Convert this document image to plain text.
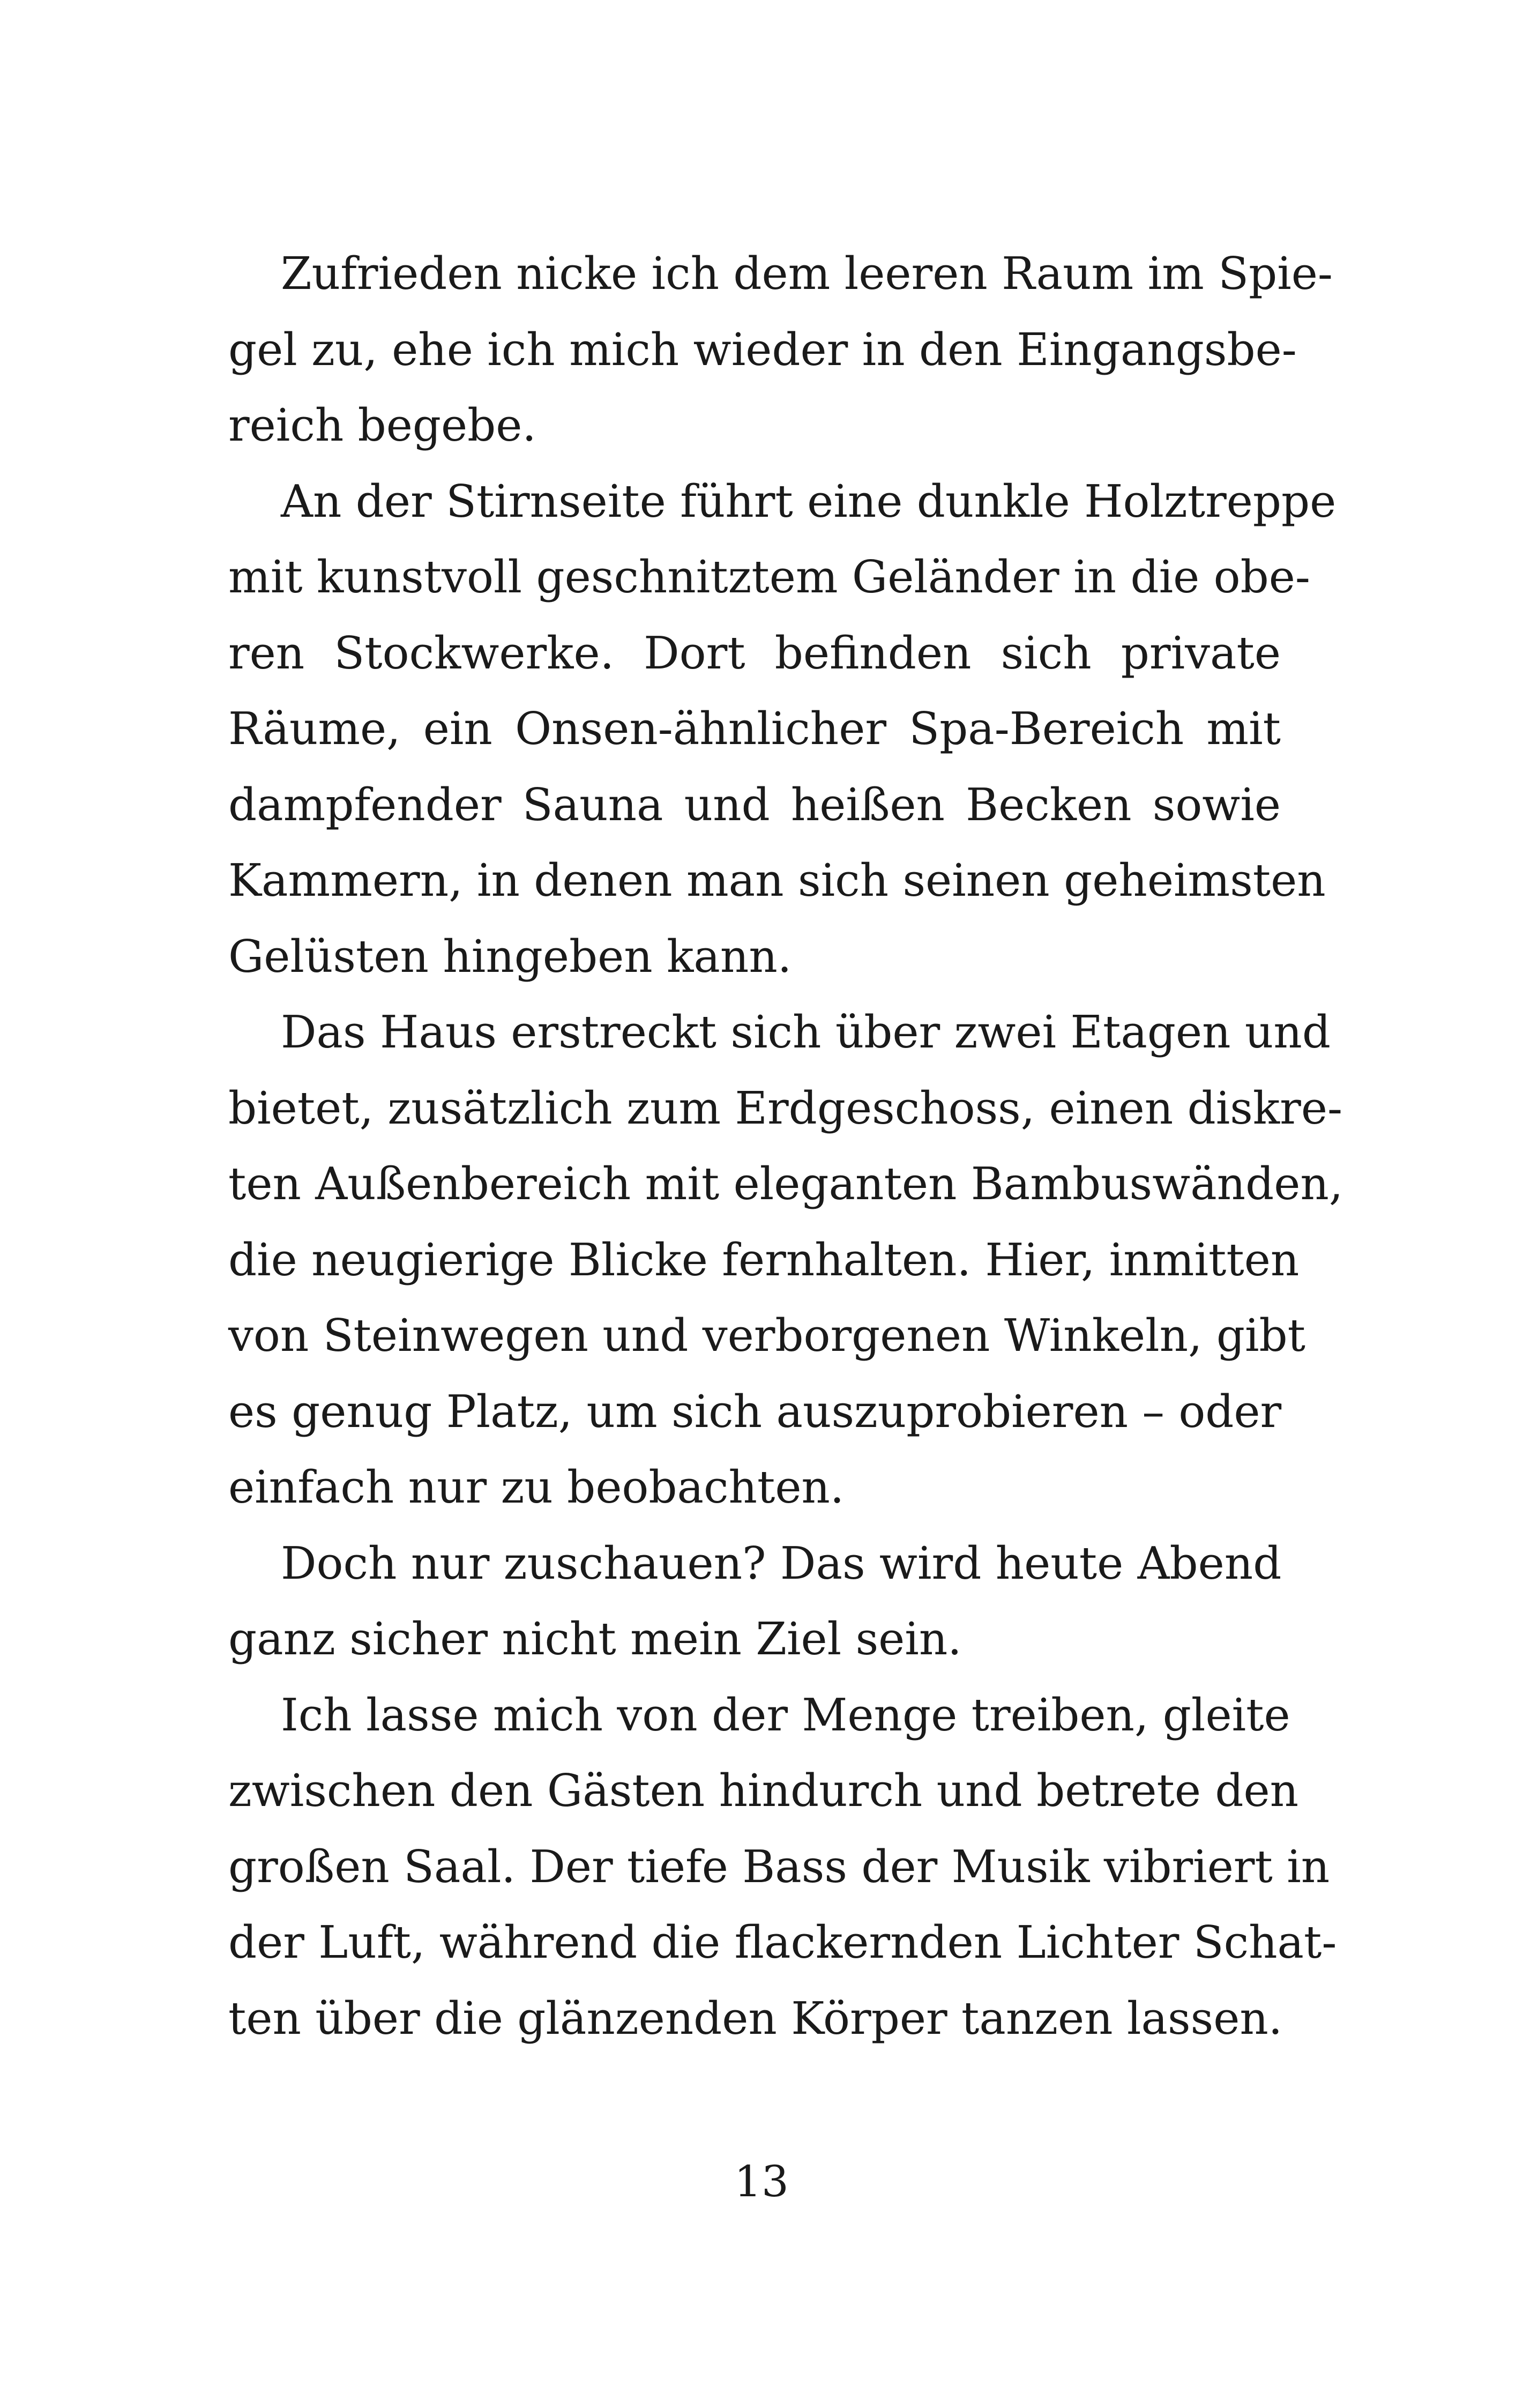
Zufrieden nicke ich dem leeren Raum im Spie-
gel zu, ehe ich mich wieder in den Eingangsbe-
reich begebe.
An der Stirnseite führt eine dunkle Holztreppe
mit kunstvoll geschnitztem Geländer in die obe-
ren Stockwerke. Dort befinden sich private
Räume, ein Onsen-ähnlicher Spa-Bereich mit
dampfender Sauna und heißen Becken sowie
Kammern, in denen man sich seinen geheimsten
Gelüsten hingeben kann.
Das Haus erstreckt sich über zwei Etagen und
bietet, zusätzlich zum Erdgeschoss, einen diskre-
ten Außenbereich mit eleganten Bambuswänden,
die neugierige Blicke fernhalten. Hier, inmitten
von Steinwegen und verborgenen Winkeln, gibt
es genug Platz, um sich auszuprobieren – oder
einfach nur zu beobachten.
Doch nur zuschauen? Das wird heute Abend
ganz sicher nicht mein Ziel sein.
Ich lasse mich von der Menge treiben, gleite
zwischen den Gästen hindurch und betrete den
großen Saal. Der tiefe Bass der Musik vibriert in
der Luft, während die flackernden Lichter Schat-
ten über die glänzenden Körper tanzen lassen.
13
